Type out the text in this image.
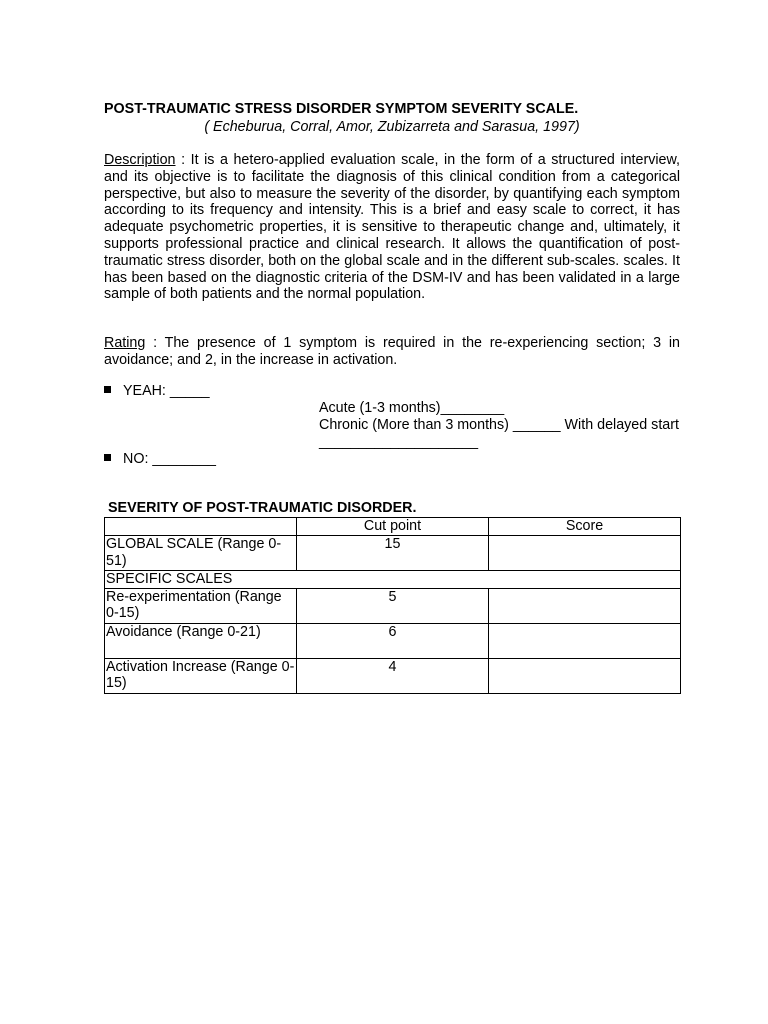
POST-TRAUMATIC STRESS DISORDER SYMPTOM SEVERITY SCALE.
( Echeburua, Corral, Amor, Zubizarreta and Sarasua, 1997)
Description : It is a hetero-applied evaluation scale, in the form of a structured interview, and its objective is to facilitate the diagnosis of this clinical condition from a categorical perspective, but also to measure the severity of the disorder, by quantifying each symptom according to its frequency and intensity. This is a brief and easy scale to correct, it has adequate psychometric properties, it is sensitive to therapeutic change and, ultimately, it supports professional practice and clinical research. It allows the quantification of post-traumatic stress disorder, both on the global scale and in the different sub-scales. scales. It has been based on the diagnostic criteria of the DSM-IV and has been validated in a large sample of both patients and the normal population.
Rating : The presence of 1 symptom is required in the re-experiencing section; 3 in avoidance; and 2, in the increase in activation.
YEAH: _____
Acute (1-3 months)________
Chronic (More than 3 months) ______ With delayed start ____________________
NO: ________
SEVERITY OF POST-TRAUMATIC DISORDER.
	Cut point	Score
GLOBAL SCALE (Range 0-51)	15	
SPECIFIC SCALES		
Re-experimentation (Range 0-15)	5	
Avoidance (Range 0-21)	6	
Activation Increase (Range 0-15)	4	
